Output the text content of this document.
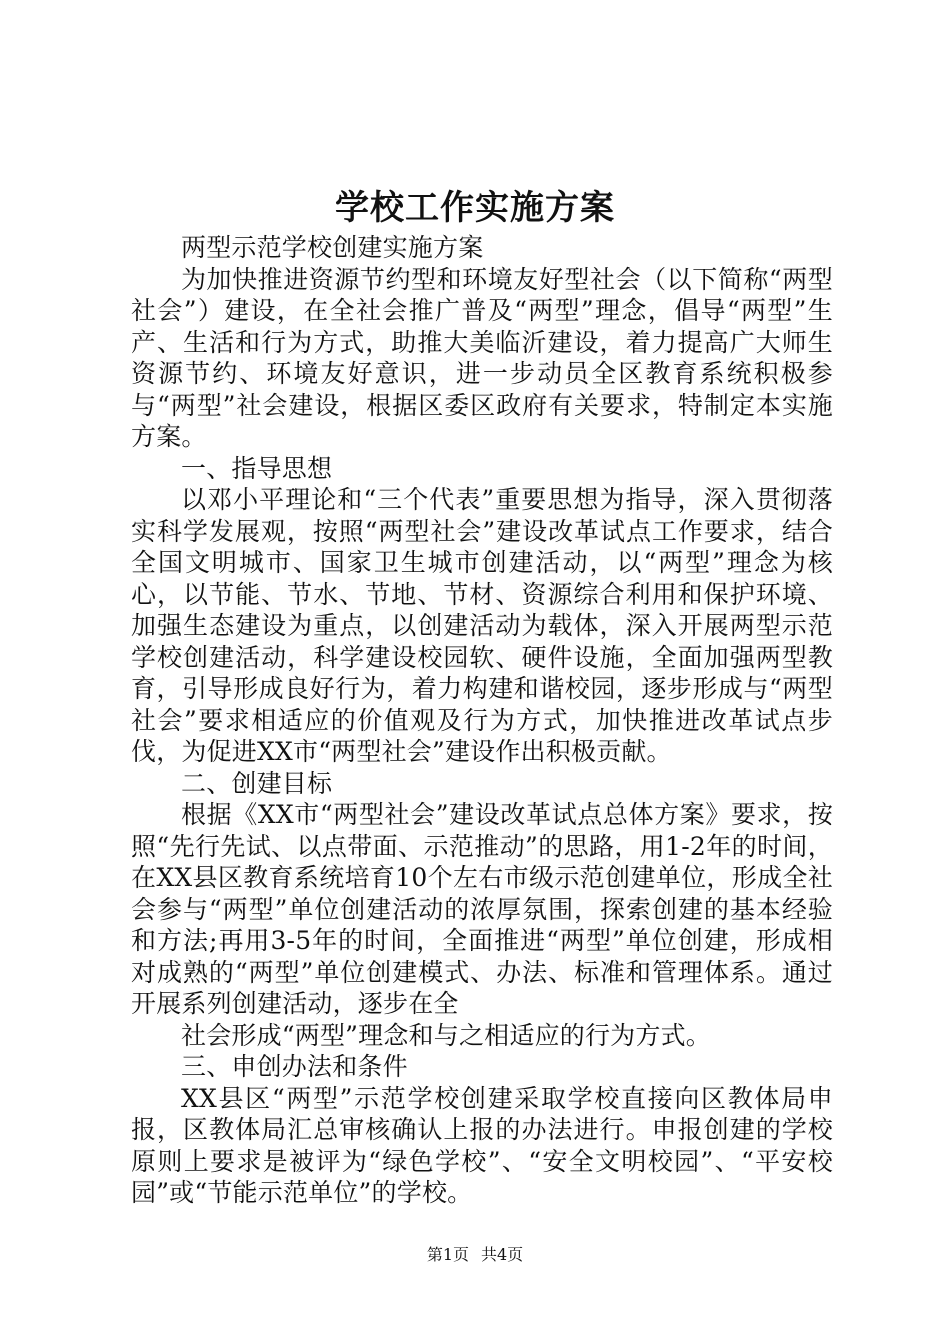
学校工作实施方案

两型示范学校创建实施方案

为加快推进资源节约型和环境友好型社会（以下简称“两型社会”）建设，在全社会推广普及“两型”理念，倡导“两型”生产、生活和行为方式，助推大美临沂建设，着力提高广大师生资源节约、环境友好意识，进一步动员全区教育系统积极参与“两型”社会建设，根据区委区政府有关要求，特制定本实施方案。

一、指导思想

以邓小平理论和“三个代表”重要思想为指导，深入贯彻落实科学发展观，按照“两型社会”建设改革试点工作要求，结合全国文明城市、国家卫生城市创建活动，以“两型”理念为核心，以节能、节水、节地、节材、资源综合利用和保护环境、加强生态建设为重点，以创建活动为载体，深入开展两型示范学校创建活动，科学建设校园软、硬件设施，全面加强两型教育，引导形成良好行为，着力构建和谐校园，逐步形成与“两型社会”要求相适应的价值观及行为方式，加快推进改革试点步伐，为促进XX市“两型社会”建设作出积极贡献。

二、创建目标

根据《XX市“两型社会”建设改革试点总体方案》要求，按照“先行先试、以点带面、示范推动”的思路，用1-2年的时间，在XX县区教育系统培育10个左右市级示范创建单位，形成全社会参与“两型”单位创建活动的浓厚氛围，探索创建的基本经验和方法;再用3-5年的时间，全面推进“两型”单位创建，形成相对成熟的“两型”单位创建模式、办法、标准和管理体系。通过开展系列创建活动，逐步在全

社会形成“两型”理念和与之相适应的行为方式。

三、申创办法和条件

XX县区“两型”示范学校创建采取学校直接向区教体局申报，区教体局汇总审核确认上报的办法进行。申报创建的学校原则上要求是被评为“绿色学校”、“安全文明校园”、“平安校园”或“节能示范单位”的学校。

第1页 共4页
